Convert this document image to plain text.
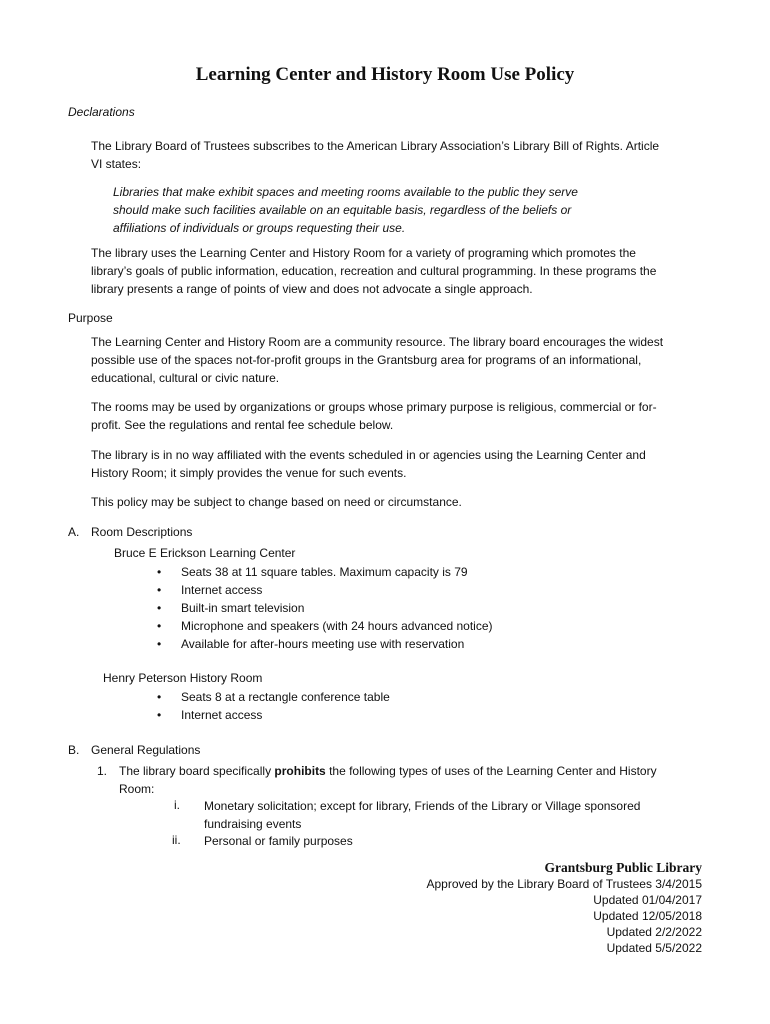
Learning Center and History Room Use Policy
Declarations
The Library Board of Trustees subscribes to the American Library Association’s Library Bill of Rights. Article
VI states:
Libraries that make exhibit spaces and meeting rooms available to the public they serve
should make such facilities available on an equitable basis, regardless of the beliefs or
affiliations of individuals or groups requesting their use.
The library uses the Learning Center and History Room for a variety of programing which promotes the
library’s goals of public information, education, recreation and cultural programming. In these programs the
library presents a range of points of view and does not advocate a single approach.
Purpose
The Learning Center and History Room are a community resource. The library board encourages the widest
possible use of the spaces not-for-profit groups in the Grantsburg area for programs of an informational,
educational, cultural or civic nature.
The rooms may be used by organizations or groups whose primary purpose is religious, commercial or for-
profit. See the regulations and rental fee schedule below.
The library is in no way affiliated with the events scheduled in or agencies using the Learning Center and
History Room; it simply provides the venue for such events.
This policy may be subject to change based on need or circumstance.
A. Room Descriptions
Bruce E Erickson Learning Center
• Seats 38 at 11 square tables. Maximum capacity is 79
• Internet access
• Built-in smart television
• Microphone and speakers (with 24 hours advanced notice)
• Available for after-hours meeting use with reservation
Henry Peterson History Room
• Seats 8 at a rectangle conference table
• Internet access
B. General Regulations
1. The library board specifically prohibits the following types of uses of the Learning Center and History
Room:
i. Monetary solicitation; except for library, Friends of the Library or Village sponsored
fundraising events
ii. Personal or family purposes
Grantsburg Public Library
Approved by the Library Board of Trustees 3/4/2015
Updated 01/04/2017
Updated 12/05/2018
Updated 2/2/2022
Updated 5/5/2022
